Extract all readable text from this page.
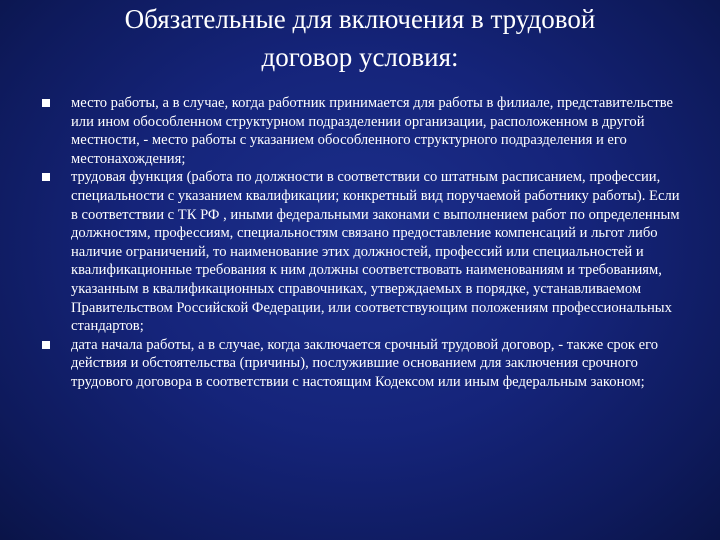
Обязательные для включения в трудовой
договор условия:
место работы, а в случае, когда работник принимается для работы в филиале, представительстве или ином обособленном структурном подразделении организации, расположенном в другой местности, - место работы с указанием обособленного структурного подразделения и его местонахождения;
трудовая функция (работа по должности в соответствии со штатным расписанием, профессии, специальности с указанием квалификации; конкретный вид поручаемой работнику работы). Если в соответствии с ТК РФ , иными федеральными законами с выполнением работ по определенным должностям, профессиям, специальностям связано предоставление компенсаций и льгот либо наличие ограничений, то наименование этих должностей, профессий или специальностей и квалификационные требования к ним должны соответствовать наименованиям и требованиям, указанным в квалификационных справочниках, утверждаемых в порядке, устанавливаемом Правительством Российской Федерации, или соответствующим положениям профессиональных стандартов;
дата начала работы, а в случае, когда заключается срочный трудовой договор, - также срок его действия и обстоятельства (причины), послужившие основанием для заключения срочного трудового договора в соответствии с настоящим Кодексом или иным федеральным законом;
